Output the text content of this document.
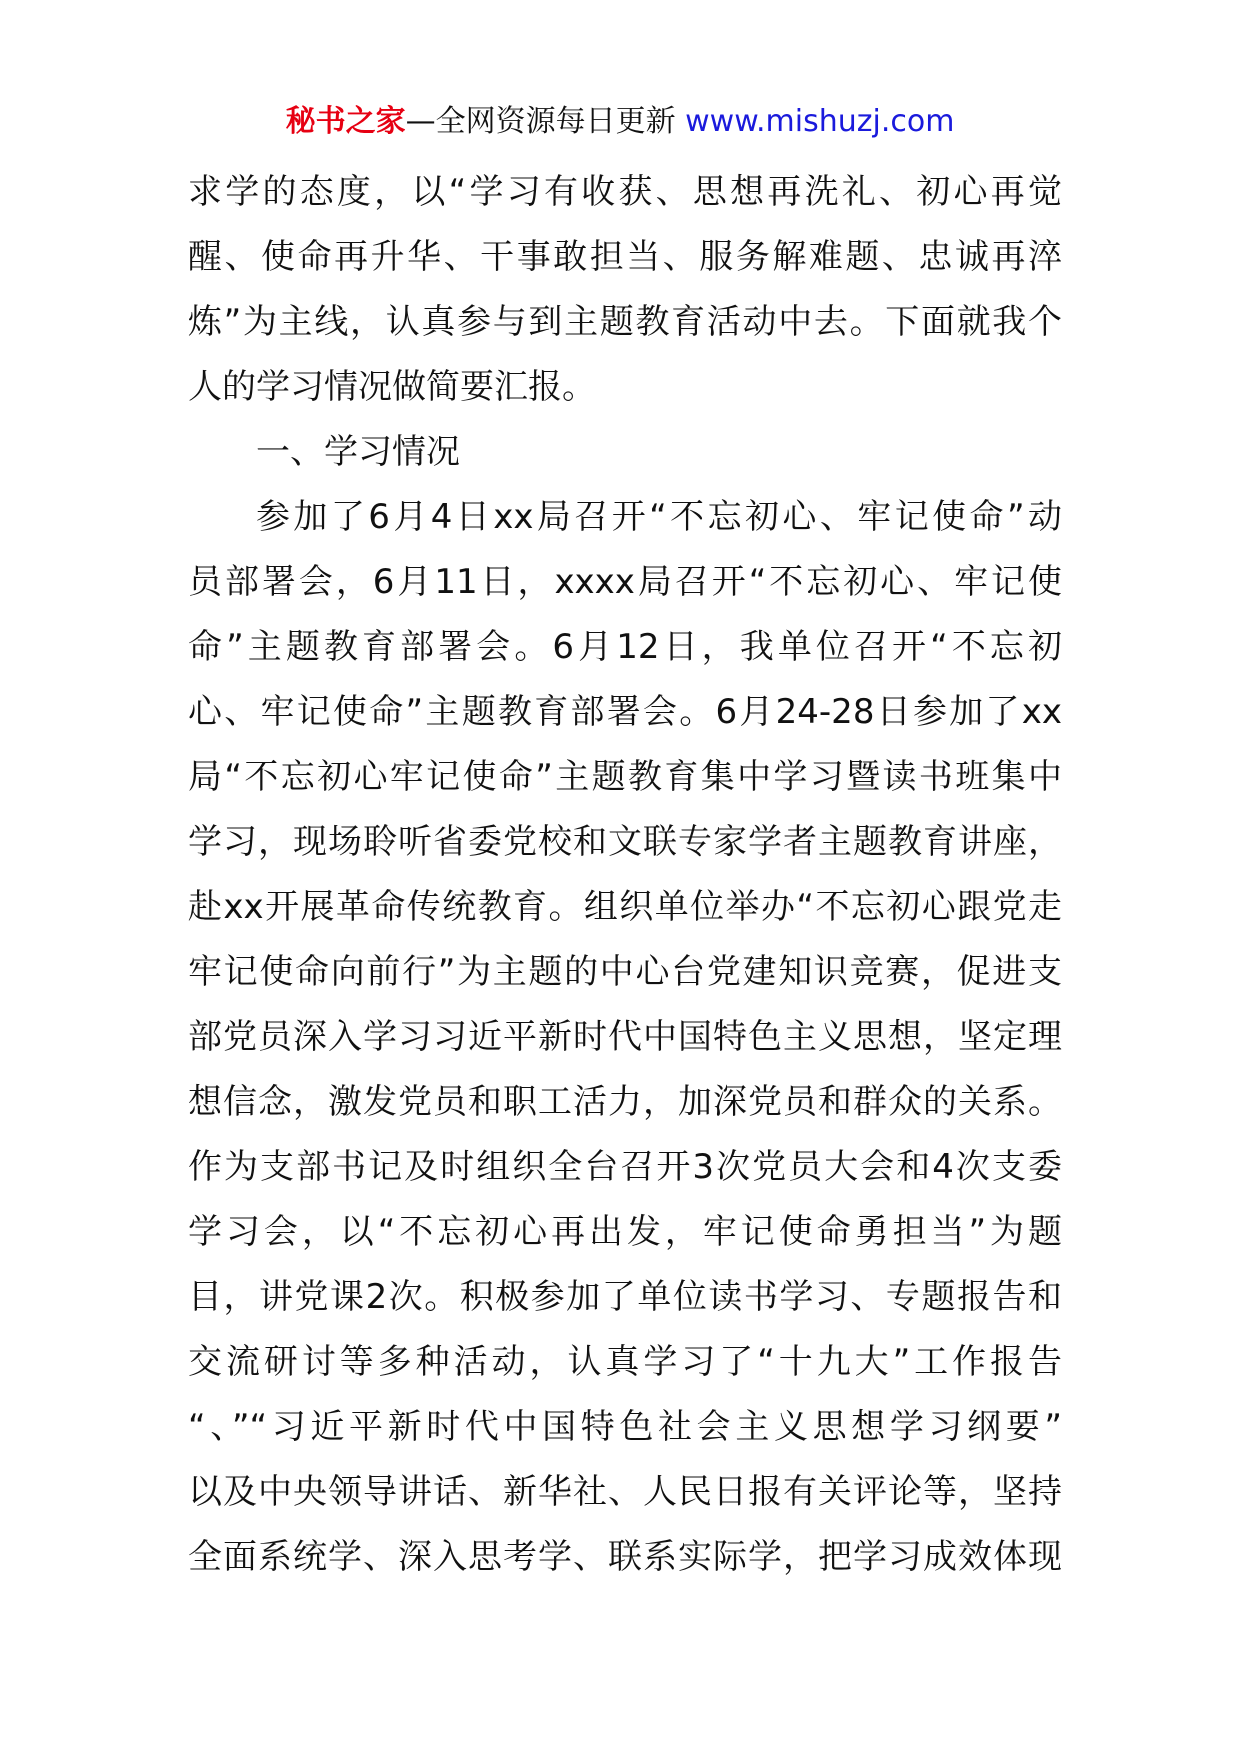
秘书之家—全网资源每日更新 www.mishuzj.com
求学的态度，以“学习有收获、思想再洗礼、初心再觉
醒、使命再升华、干事敢担当、服务解难题、忠诚再淬
炼”为主线，认真参与到主题教育活动中去。下面就我个
人的学习情况做简要汇报。
一、学习情况
参加了6月4日xx局召开“不忘初心、牢记使命”动
员部署会，6月11日，xxxx局召开“不忘初心、牢记使
命”主题教育部署会。6月12日，我单位召开“不忘初
心、牢记使命”主题教育部署会。6月24-28日参加了xx
局“不忘初心牢记使命”主题教育集中学习暨读书班集中
学习，现场聆听省委党校和文联专家学者主题教育讲座，
赴xx开展革命传统教育。组织单位举办“不忘初心跟党走
牢记使命向前行”为主题的中心台党建知识竞赛，促进支
部党员深入学习习近平新时代中国特色主义思想，坚定理
想信念，激发党员和职工活力，加深党员和群众的关系。
作为支部书记及时组织全台召开3次党员大会和4次支委
学习会，以“不忘初心再出发，牢记使命勇担当”为题
目，讲党课2次。积极参加了单位读书学习、专题报告和
交流研讨等多种活动，认真学习了“十九大”工作报告
“、”“习近平新时代中国特色社会主义思想学习纲要”
以及中央领导讲话、新华社、人民日报有关评论等，坚持
全面系统学、深入思考学、联系实际学，把学习成效体现
